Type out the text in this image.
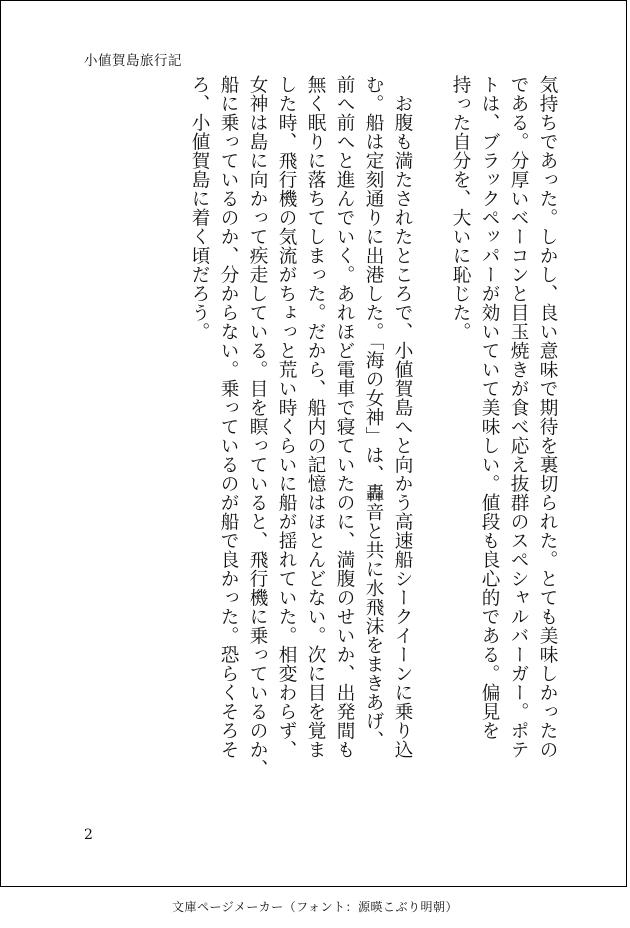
小値賀島旅行記
気持ちであった。しかし、良い意味で期待を裏切られた。とても美味しかったの
である。分厚いベーコンと目玉焼きが食べ応え抜群のスペシャルバーガー。ポテ
トは、ブラックペッパーが効いていて美味しい。値段も良心的である。偏見を
持った自分を、大いに恥じた。
　お腹も満たされたところで、小値賀島へと向かう高速船シークイーンに乗り込
む。船は定刻通りに出港した。「海の女神」は、轟音と共に水飛沫をまきあげ、
前へ前へと進んでいく。あれほど電車で寝ていたのに、満腹のせいか、出発間も
無く眠りに落ちてしまった。だから、船内の記憶はほとんどない。次に目を覚ま
した時、飛行機の気流がちょっと荒い時くらいに船が揺れていた。相変わらず、
女神は島に向かって疾走している。目を瞑っていると、飛行機に乗っているのか、
船に乗っているのか、分からない。乗っているのが船で良かった。恐らくそろそ
ろ、小値賀島に着く頃だろう。
2
文庫ページメーカー（フォント：源暎こぶり明朝）
